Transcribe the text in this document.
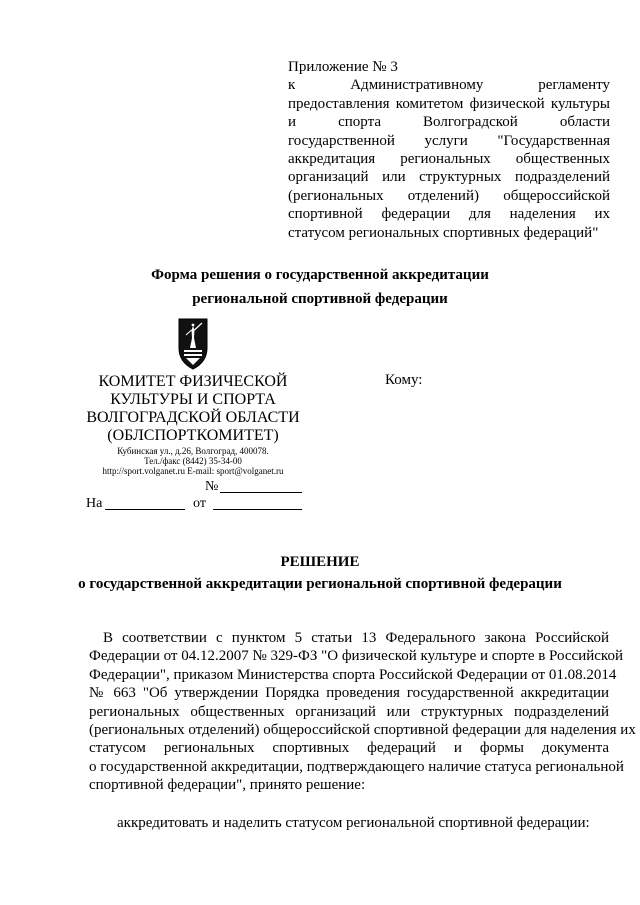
Приложение № 3
к Административному регламенту
предоставления комитетом физической культуры
и спорта Волгоградской области
государственной услуги "Государственная
аккредитация региональных общественных
организаций или структурных подразделений
(региональных отделений) общероссийской
спортивной федерации для наделения их
статусом региональных спортивных федераций"
Форма решения о государственной аккредитации
региональной спортивной федерации
КОМИТЕТ ФИЗИЧЕСКОЙ
КУЛЬТУРЫ И СПОРТА
ВОЛГОГРАДСКОЙ ОБЛАСТИ
(ОБЛСПОРТКОМИТЕТ)
Кубинская ул., д.26, Волгоград, 400078.
Тел./факс (8442) 35-34-00
http://sport.volganet.ru E-mail: sport@volganet.ru
№
На	от
Кому:
РЕШЕНИЕ
о государственной аккредитации региональной спортивной федерации
В соответствии с пунктом 5 статьи 13 Федерального закона Российской
Федерации от 04.12.2007 № 329-ФЗ "О физической культуре и спорте в Российской
Федерации", приказом Министерства спорта Российской Федерации от 01.08.2014
№ 663 "Об утверждении Порядка проведения государственной аккредитации
региональных общественных организаций или структурных подразделений
(региональных отделений) общероссийской спортивной федерации для наделения их
статусом региональных спортивных федераций и формы документа
о государственной аккредитации, подтверждающего наличие статуса региональной
спортивной федерации", принято решение:
аккредитовать и наделить статусом региональной спортивной федерации:
